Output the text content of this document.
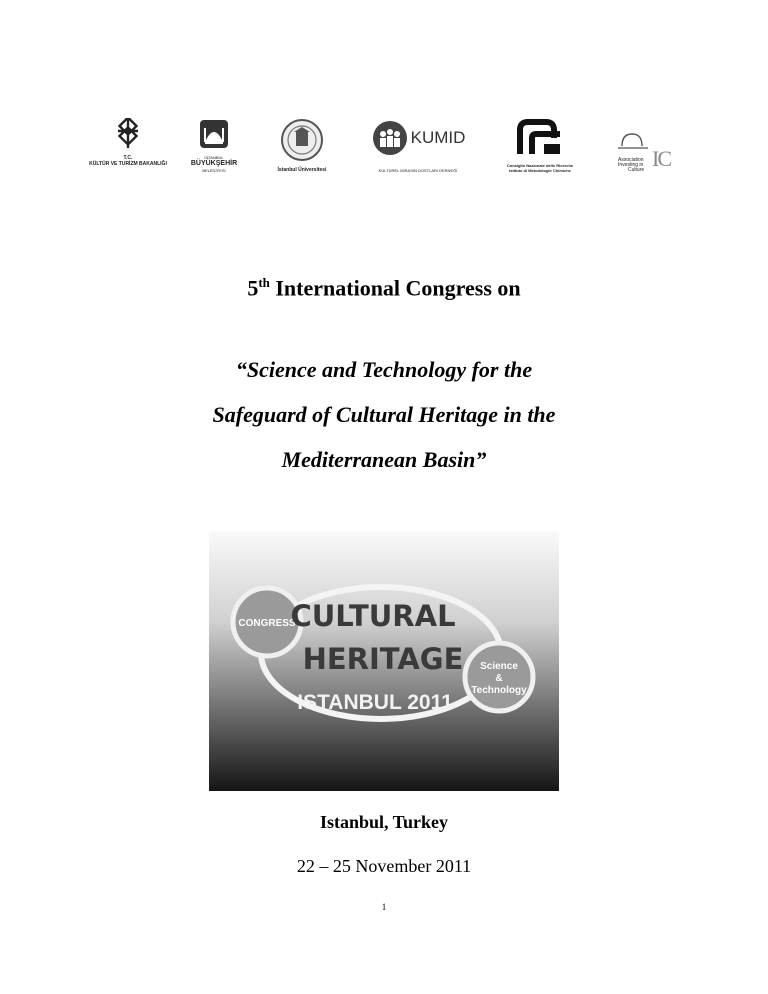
T.C.
KÜLTÜR VE TURİZM BAKANLIĞI
İSTANBUL
BÜYÜKŞEHİR
BELEDİYESİ	İstanbul Üniversitesi
KUMID
KÜLTÜREL MİRASIN DOSTLARI DERNEĞİ
Consiglio Nazionale delle Ricerche
Istituto di Metodologie Chimiche
Association
Investing in
Culture IC
5th International Congress on
“Science and Technology for the
Safeguard of Cultural Heritage in the
Mediterranean Basin”
CONGRESS
CULTURAL
HERITAGE
ISTANBUL 2011
Science
&
Technology
Istanbul, Turkey
22 – 25 November 2011
1
